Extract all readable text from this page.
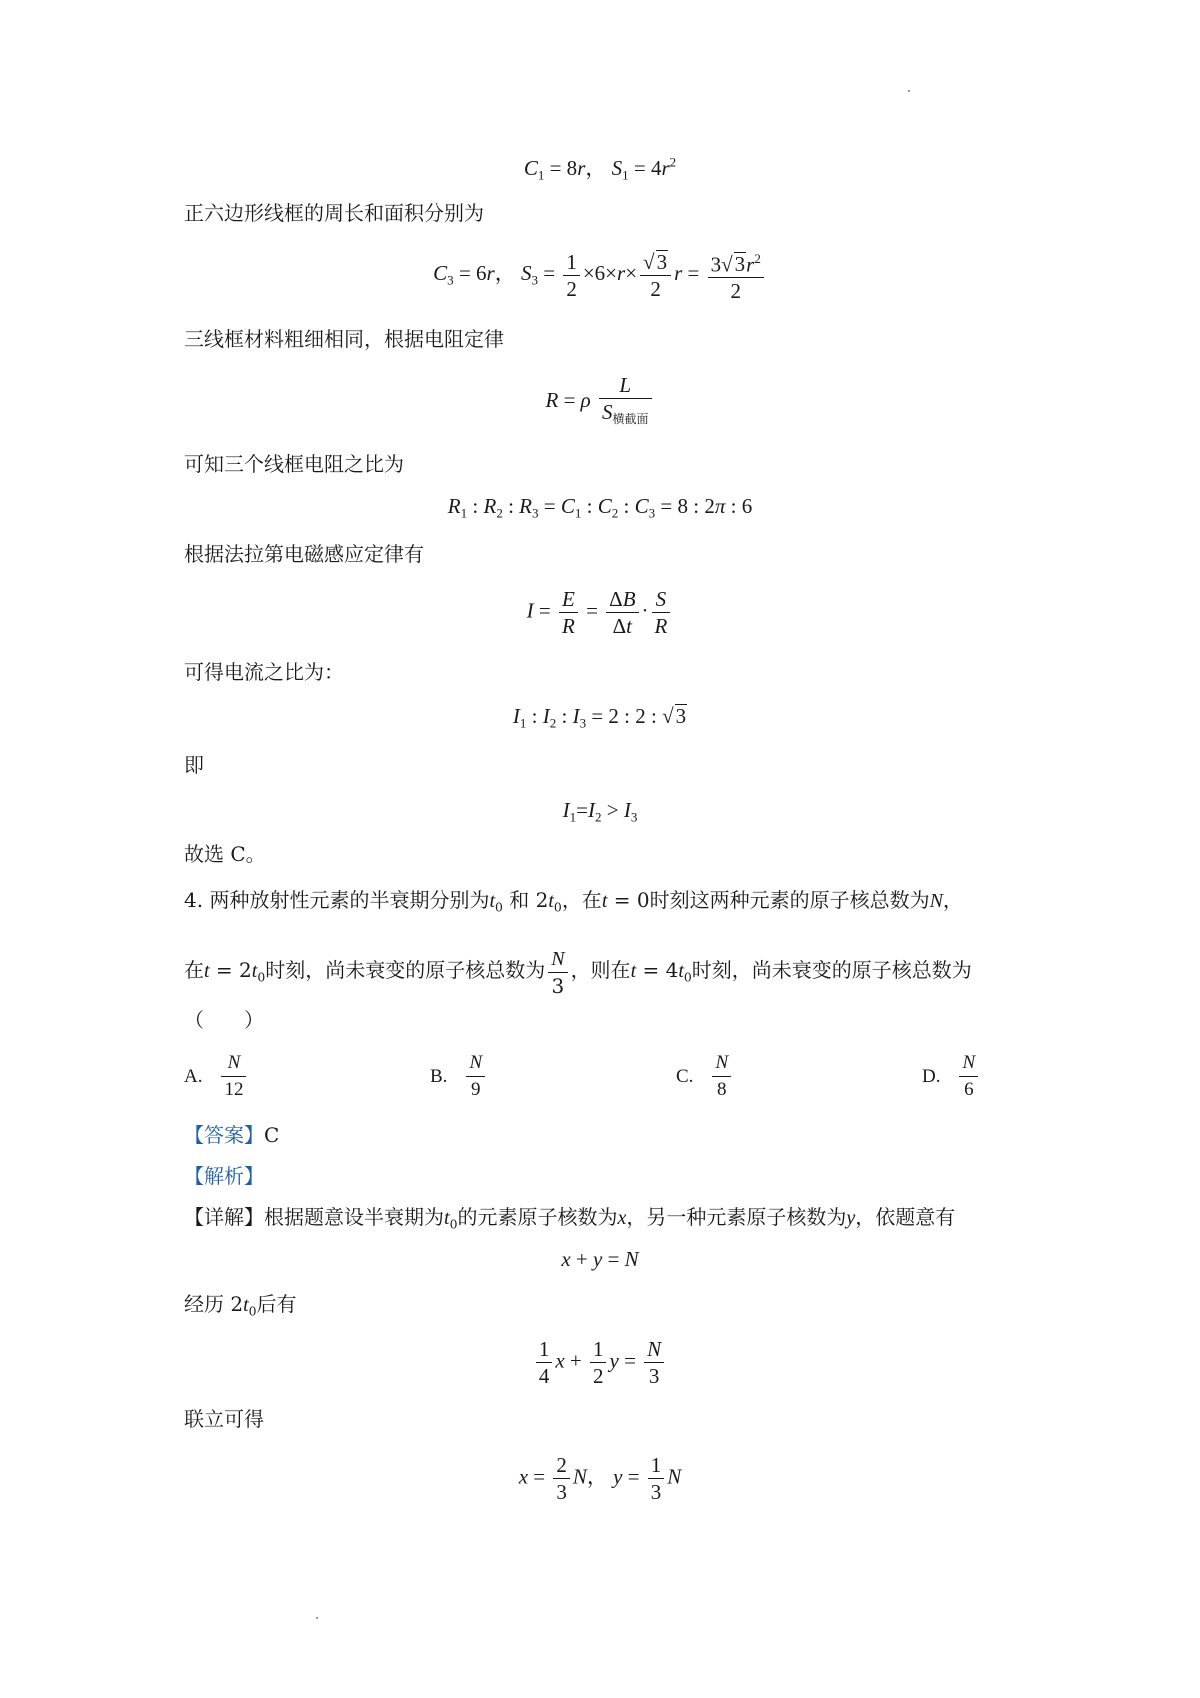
$C_1 = 8r$， $S_1 = 4r^2$
正六边形线框的周长和面积分别为
$C_3 = 6r$， $S_3 = \frac{1}{2} \times 6\times r\times \frac{√3}{2}$ $r = \frac{3√3r^2}{2}$
三线框材料粗细相同，根据电阻定律
R = ρ $\frac{L}{S_{横截面}}$
可知三个线框电阻之比为
$R_1$ : $R_2$ : $R_3 = C_1$ : $C_2$ : $C_3 = 8$ : 2π : 6
根据法拉第电磁感应定律有
$I = \frac{E}{R} = \frac{\Delta B}{\Delta t} \cdot \frac{S}{R}$
可得电流之比为：
$I_1$ : $I_2$ : $I_3 = 2$ : 2 : √3
即
$I_1=I_2 > I_3$
故选 C。
4. 两种放射性元素的半衰期分别为$t_0$ 和 $2t_0$，在t = 0时刻这两种元素的原子核总数为N，
在$t = 2t_0$时刻，尚未衰变的原子核总数为 $\frac{N}{3}$ ，则在$t = 4t_0$时刻，尚未衰变的原子核总数为
（　　）
A. $\frac{N}{12}$	B. $\frac{N}{9}$	C. $\frac{N}{8}$	D. $\frac{N}{6}$
【答案】C
【解析】
【详解】根据题意设半衰期为$t_0$的元素原子核数为x，另一种元素原子核数为y，依题意有
x + y = N
经历 $2t_0$后有
$\frac{1}{4}$ $x + \frac{1}{2}$ $y = \frac{N}{3}$
联立可得
$x = \frac{2}{3}$ N， $y = \frac{1}{3}$ N
